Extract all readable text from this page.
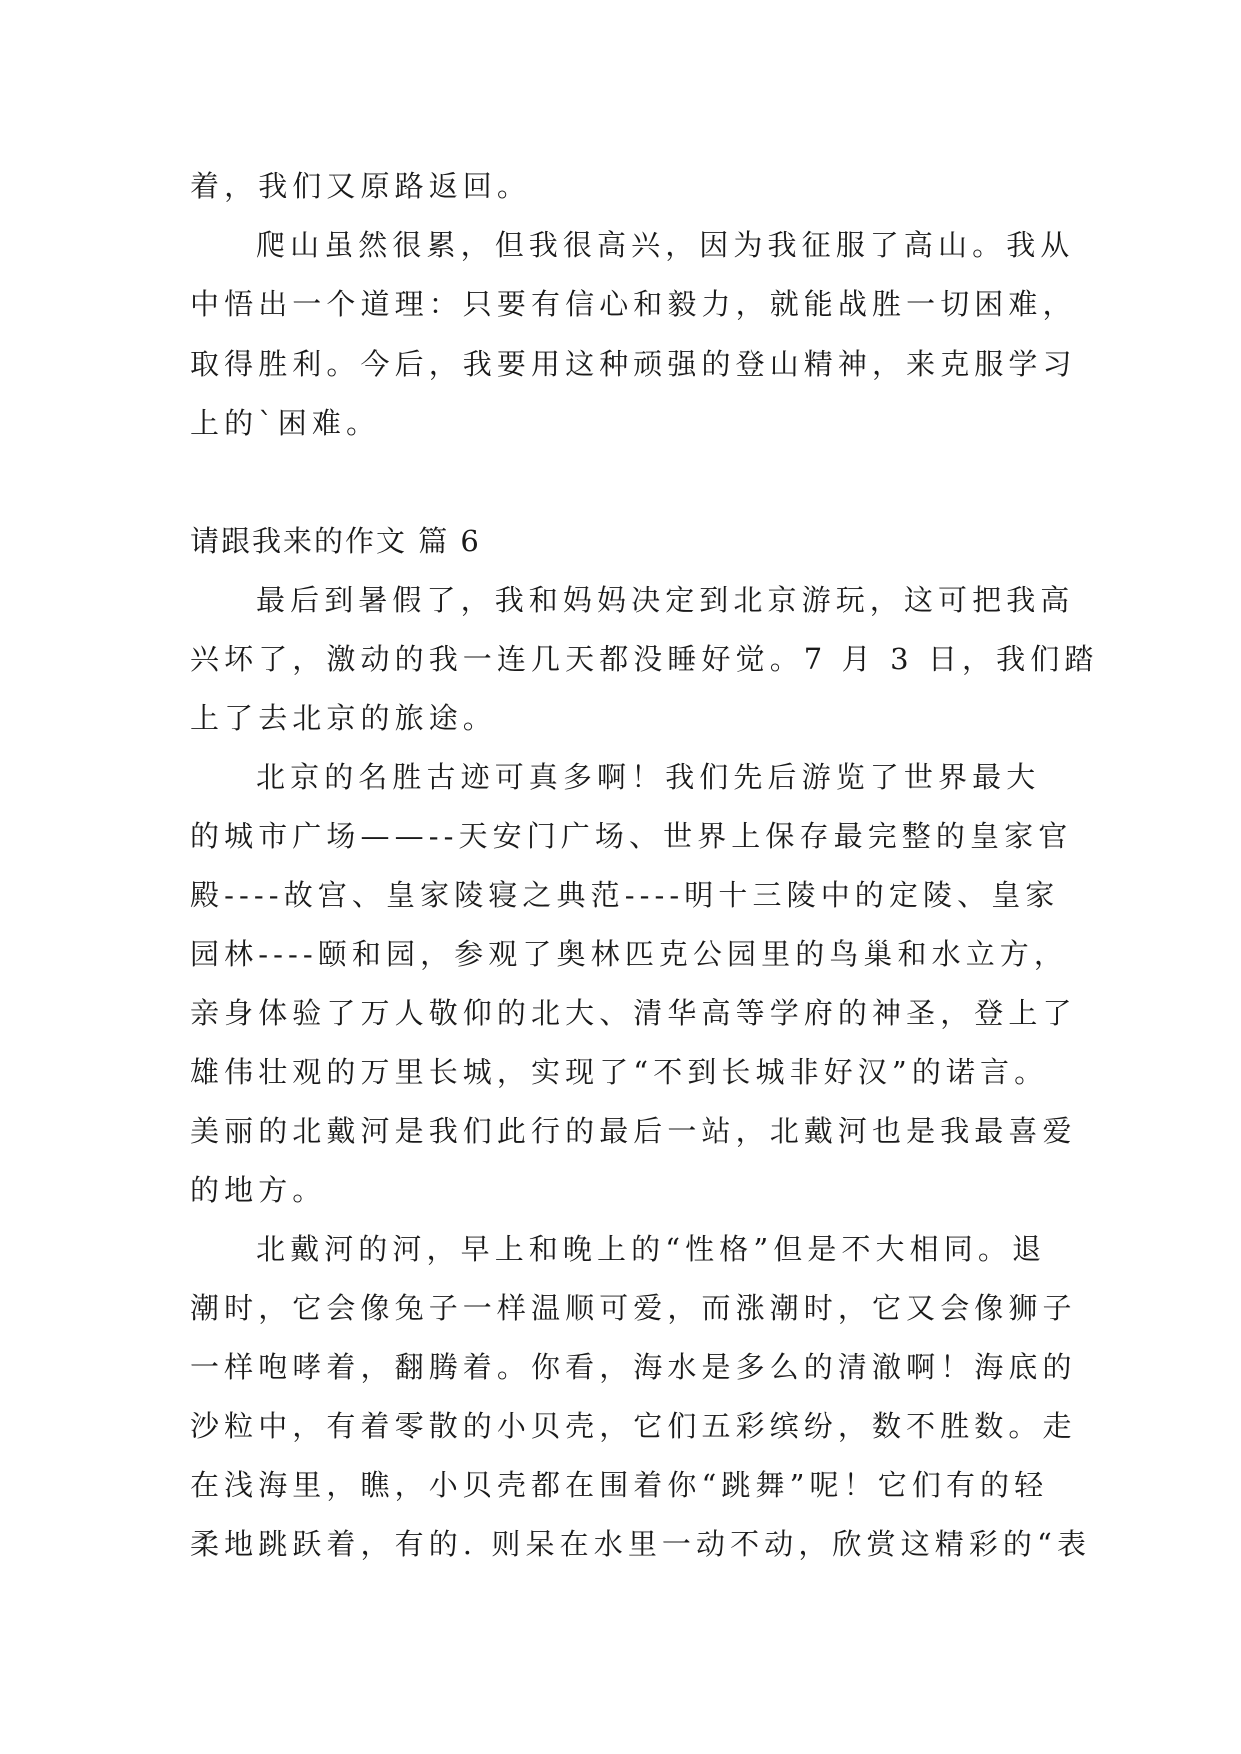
着，我们又原路返回。
爬山虽然很累，但我很高兴，因为我征服了高山。我从
中悟出一个道理：只要有信心和毅力，就能战胜一切困难，
取得胜利。今后，我要用这种顽强的登山精神，来克服学习
上的`困难。
请跟我来的作文 篇 6
最后到暑假了，我和妈妈决定到北京游玩，这可把我高
兴坏了，激动的我一连几天都没睡好觉。7 月 3 日，我们踏
上了去北京的旅途。
北京的名胜古迹可真多啊！我们先后游览了世界最大
的城市广场——--天安门广场、世界上保存最完整的皇家官
殿----故宫、皇家陵寝之典范----明十三陵中的定陵、皇家
园林----颐和园，参观了奥林匹克公园里的鸟巢和水立方，
亲身体验了万人敬仰的北大、清华高等学府的神圣，登上了
雄伟壮观的万里长城，实现了“不到长城非好汉”的诺言。
美丽的北戴河是我们此行的最后一站，北戴河也是我最喜爱
的地方。
北戴河的河，早上和晚上的“性格”但是不大相同。退
潮时，它会像兔子一样温顺可爱，而涨潮时，它又会像狮子
一样咆哮着，翻腾着。你看，海水是多么的清澈啊！海底的
沙粒中，有着零散的小贝壳，它们五彩缤纷，数不胜数。走
在浅海里，瞧，小贝壳都在围着你“跳舞”呢！它们有的轻
柔地跳跃着，有的. 则呆在水里一动不动，欣赏这精彩的“表
